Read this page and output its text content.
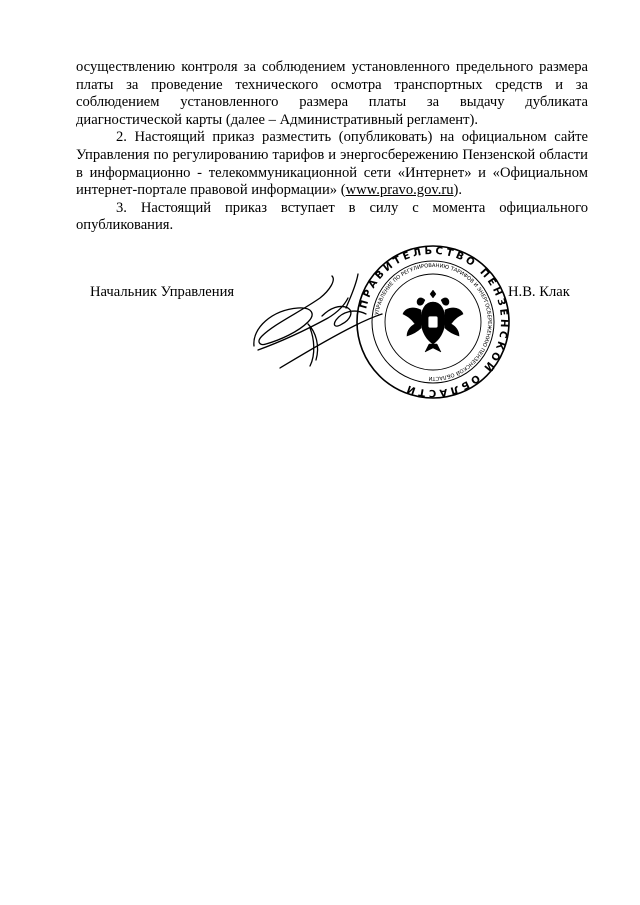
осуществлению контроля за соблюдением установленного предельного размера платы за проведение технического осмотра транспортных средств и за соблюдением установленного размера платы за выдачу дубликата диагностической карты (далее – Административный регламент).

2. Настоящий приказ разместить (опубликовать) на официальном сайте Управления по регулированию тарифов и энергосбережению Пензенской области в информационно - телекоммуникационной сети «Интернет» и «Официальном интернет-портале правовой информации» (www.pravo.gov.ru).

3. Настоящий приказ вступает в силу с момента официального опубликования.

Начальник Управления
ПРАВИТЕЛЬСТВО ПЕНЗЕНСКОЙ ОБЛАСТИ
УПРАВЛЕНИЕ ПО РЕГУЛИРОВАНИЮ ТАРИФОВ И ЭНЕРГОСБЕРЕЖЕНИЮ ПЕНЗЕНСКОЙ ОБЛАСТИ
Н.В. Клак
